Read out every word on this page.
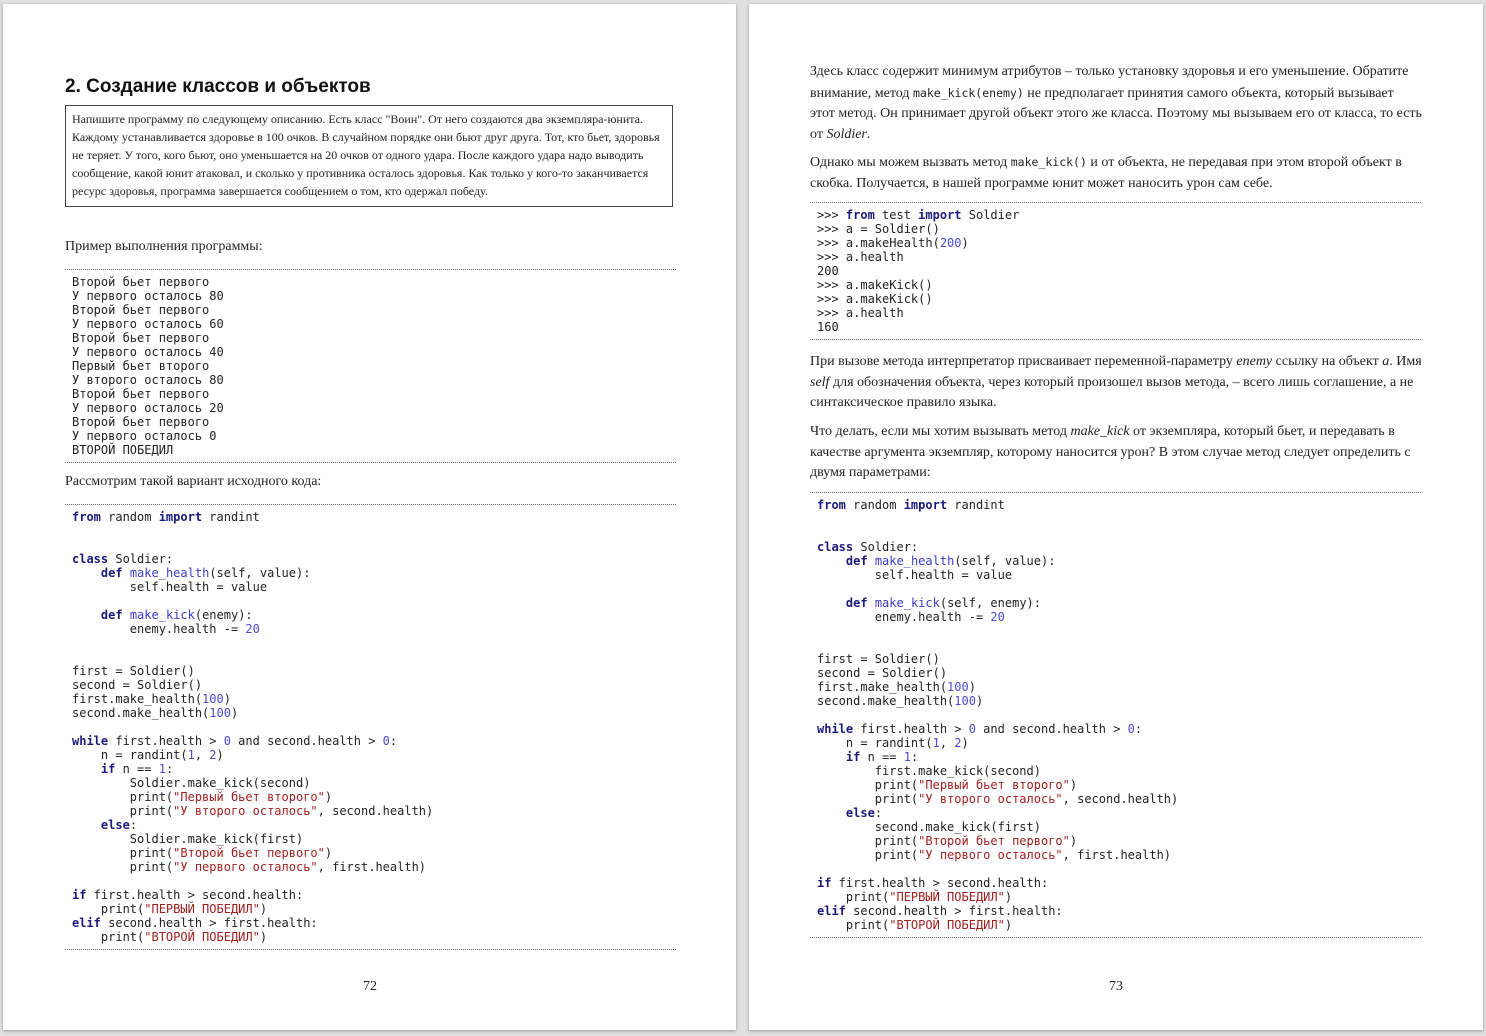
2. Создание классов и объектов
Напишите программу по следующему описанию. Есть класс "Воин". От него создаются два экземпляра-юнита. Каждому устанавливается здоровье в 100 очков. В случайном порядке они бьют друг друга. Тот, кто бьет, здоровья не теряет. У того, кого бьют, оно уменьшается на 20 очков от одного удара. После каждого удара надо выводить сообщение, какой юнит атаковал, и сколько у противника осталось здоровья. Как только у кого-то заканчивается ресурс здоровья, программа завершается сообщением о том, кто одержал победу.

Пример выполнения программы:

Второй бьет первого
У первого осталось 80
Второй бьет первого
У первого осталось 60
Второй бьет первого
У первого осталось 40
Первый бьет второго
У второго осталось 80
Второй бьет первого
У первого осталось 20
Второй бьет первого
У первого осталось 0
ВТОРОЙ ПОБЕДИЛ

Рассмотрим такой вариант исходного кода:

from random import randint

class Soldier:
def make_health(self, value):
self.health = value

def make_kick(enemy):
enemy.health -= 20

first = Soldier()
second = Soldier()
first.make_health(100)
second.make_health(100)

while first.health > 0 and second.health > 0:
n = randint(1, 2)
if n == 1:
Soldier.make_kick(second)
print("Первый бьет второго")
print("У второго осталось", second.health)
else:
Soldier.make_kick(first)
print("Второй бьет первого")
print("У первого осталось", first.health)

if first.health > second.health:
print("ПЕРВЫЙ ПОБЕДИЛ")
elif second.health > first.health:
print("ВТОРОЙ ПОБЕДИЛ")
72

Здесь класс содержит минимум атрибутов – только установку здоровья и его уменьшение. Обратите внимание, метод make_kick(enemy) не предполагает принятия самого объекта, который вызывает этот метод. Он принимает другой объект этого же класса. Поэтому мы вызываем его от класса, то есть от Soldier.

Однако мы можем вызвать метод make_kick() и от объекта, не передавая при этом второй объект в скобка. Получается, в нашей программе юнит может наносить урон сам себе.

>>> from test import Soldier
>>> a = Soldier()
>>> a.makeHealth(200)
>>> a.health
200
>>> a.makeKick()
>>> a.makeKick()
>>> a.health
160

При вызове метода интерпретатор присваивает переменной-параметру enemy ссылку на объект a. Имя self для обозначения объекта, через который произошел вызов метода, – всего лишь соглашение, а не синтаксическое правило языка.

Что делать, если мы хотим вызывать метод make_kick от экземпляра, который бьет, и передавать в качестве аргумента экземпляр, которому наносится урон? В этом случае метод следует определить с двумя параметрами:

from random import randint

class Soldier:
def make_health(self, value):
self.health = value

def make_kick(self, enemy):
enemy.health -= 20

first = Soldier()
second = Soldier()
first.make_health(100)
second.make_health(100)

while first.health > 0 and second.health > 0:
n = randint(1, 2)
if n == 1:
first.make_kick(second)
print("Первый бьет второго")
print("У второго осталось", second.health)
else:
second.make_kick(first)
print("Второй бьет первого")
print("У первого осталось", first.health)

if first.health > second.health:
print("ПЕРВЫЙ ПОБЕДИЛ")
elif second.health > first.health:
print("ВТОРОЙ ПОБЕДИЛ")
73
